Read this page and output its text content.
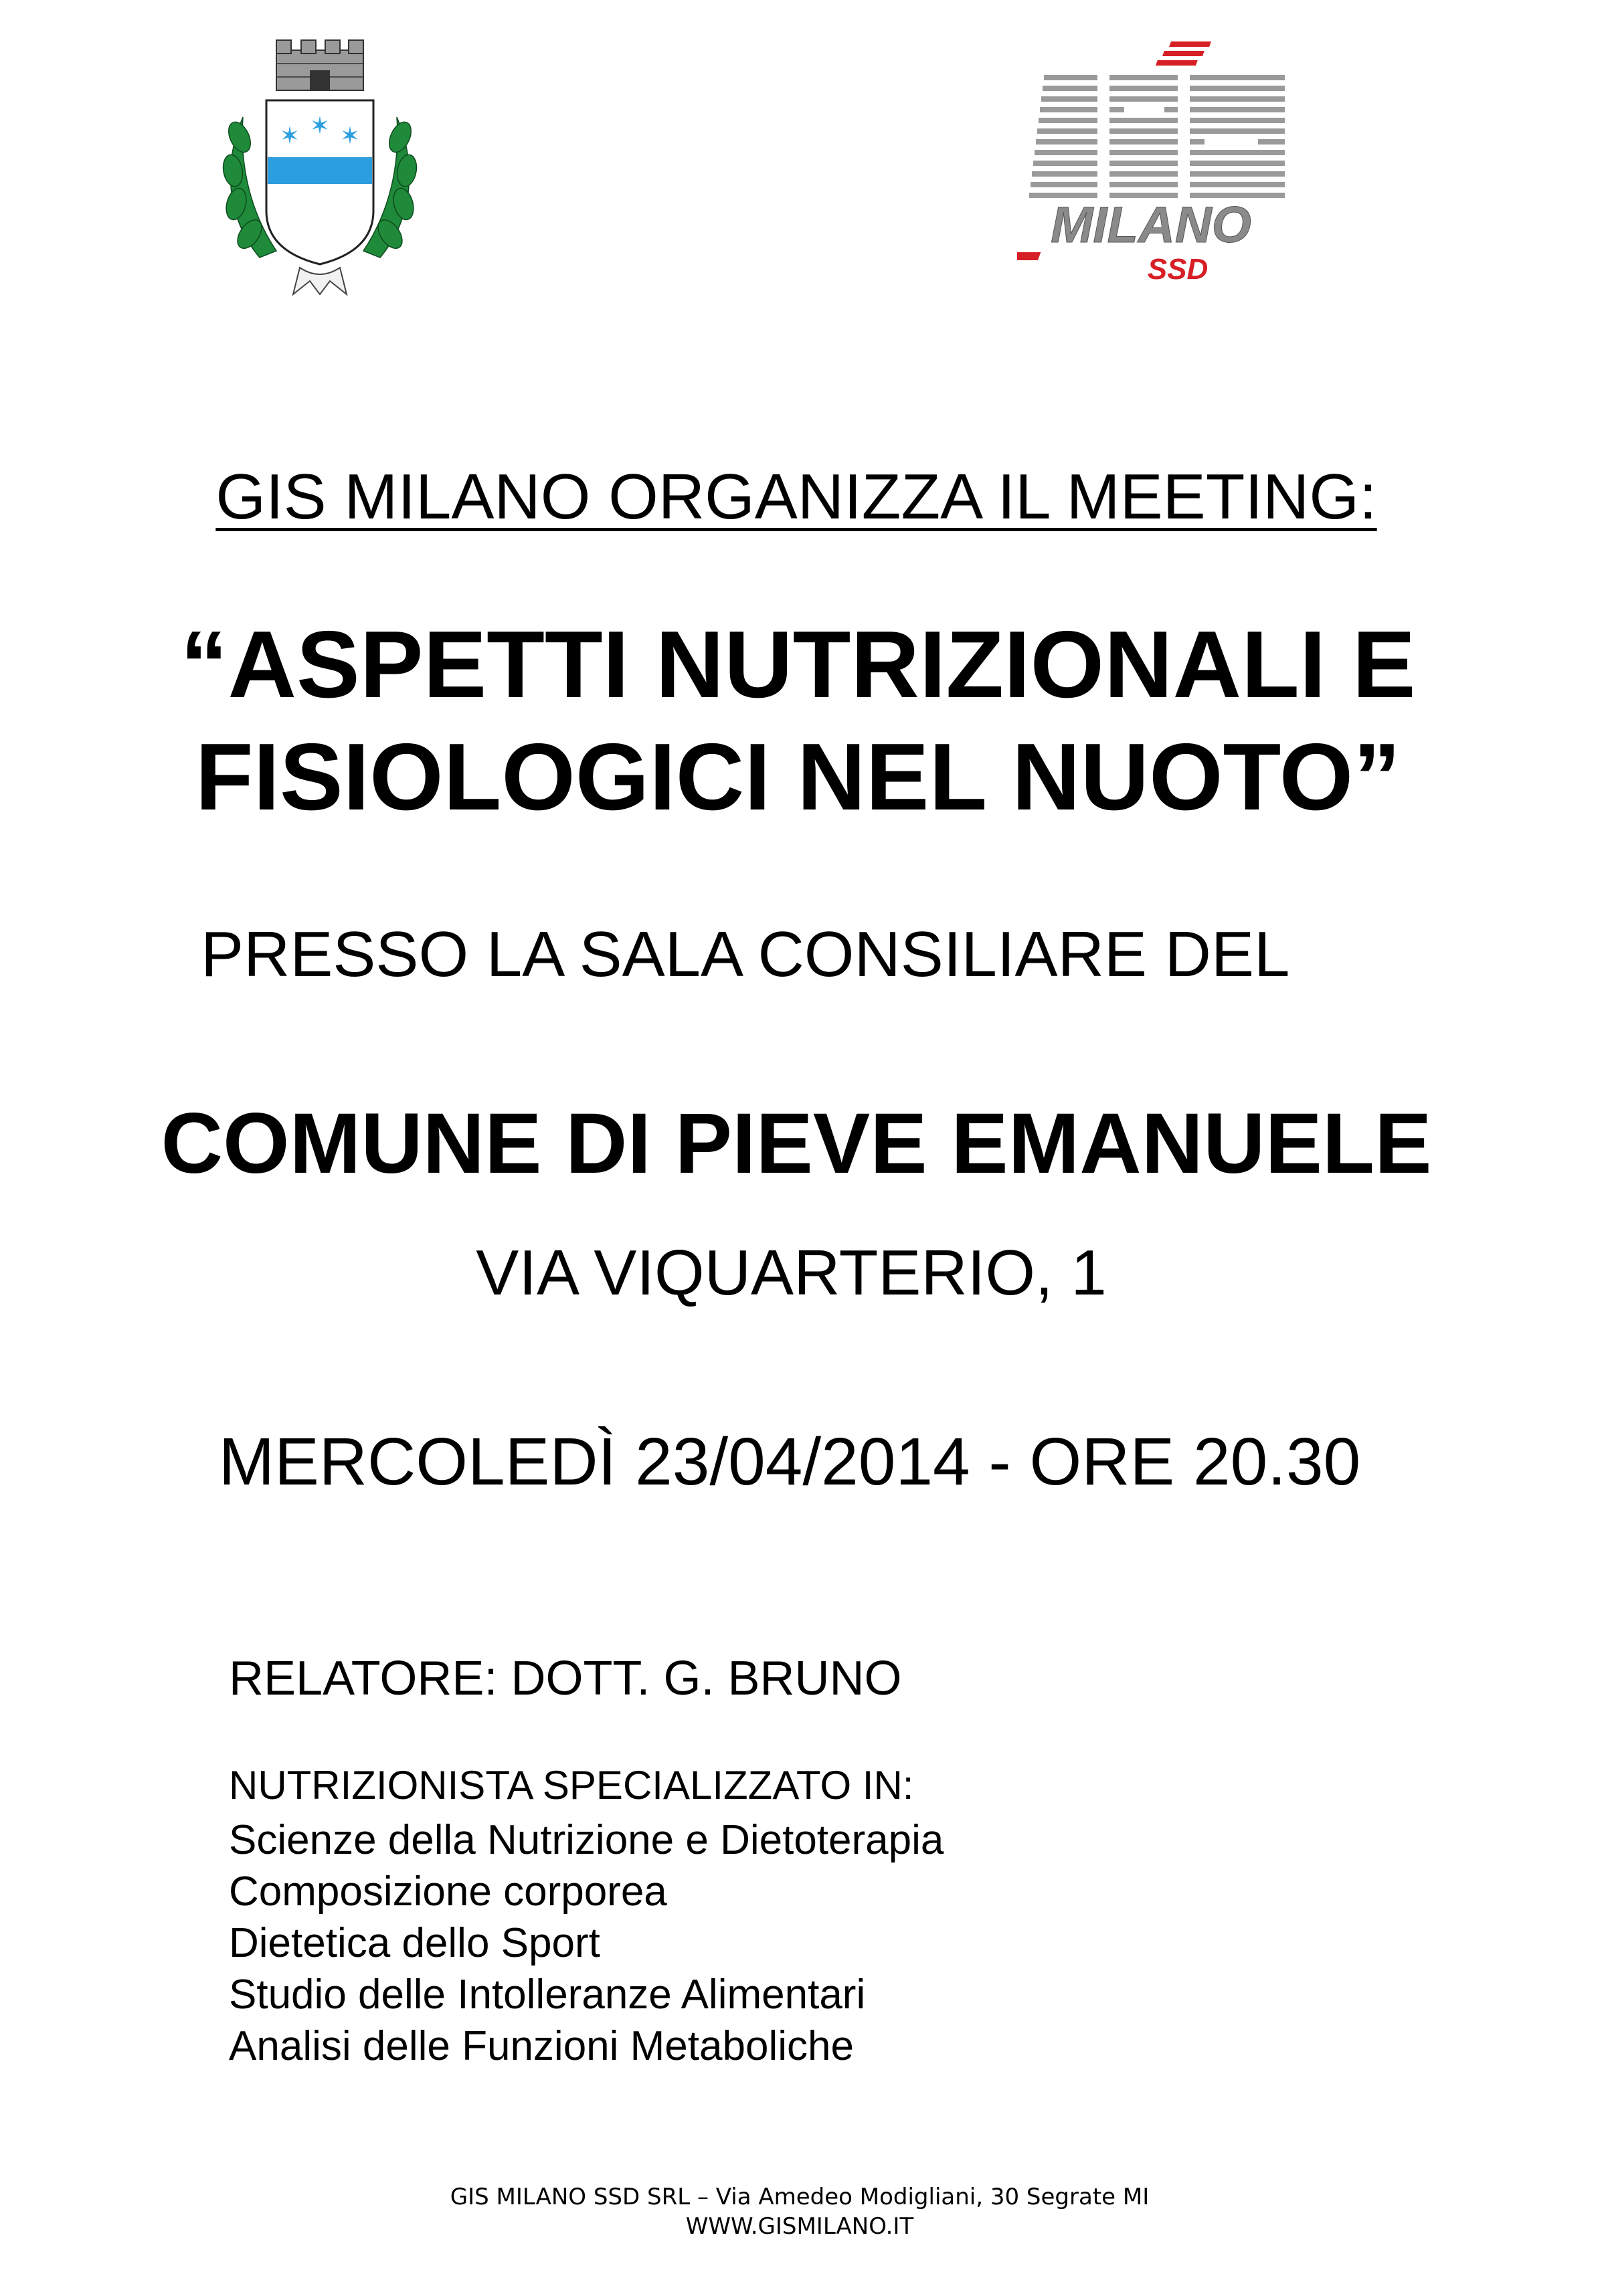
✶ ✶ ✶
MILANO
SSD
GIS MILANO ORGANIZZA IL MEETING:
“ASPETTI NUTRIZIONALI E
FISIOLOGICI NEL NUOTO”
PRESSO LA SALA CONSILIARE DEL
COMUNE DI PIEVE EMANUELE
VIA VIQUARTERIO, 1
MERCOLEDÌ 23/04/2014 - ORE 20.30
RELATORE: DOTT. G. BRUNO
NUTRIZIONISTA SPECIALIZZATO IN:
Scienze della Nutrizione e Dietoterapia
Composizione corporea
Dietetica dello Sport
Studio delle Intolleranze Alimentari
Analisi delle Funzioni Metaboliche
GIS MILANO SSD SRL – Via Amedeo Modigliani, 30 Segrate MI
WWW.GISMILANO.IT
